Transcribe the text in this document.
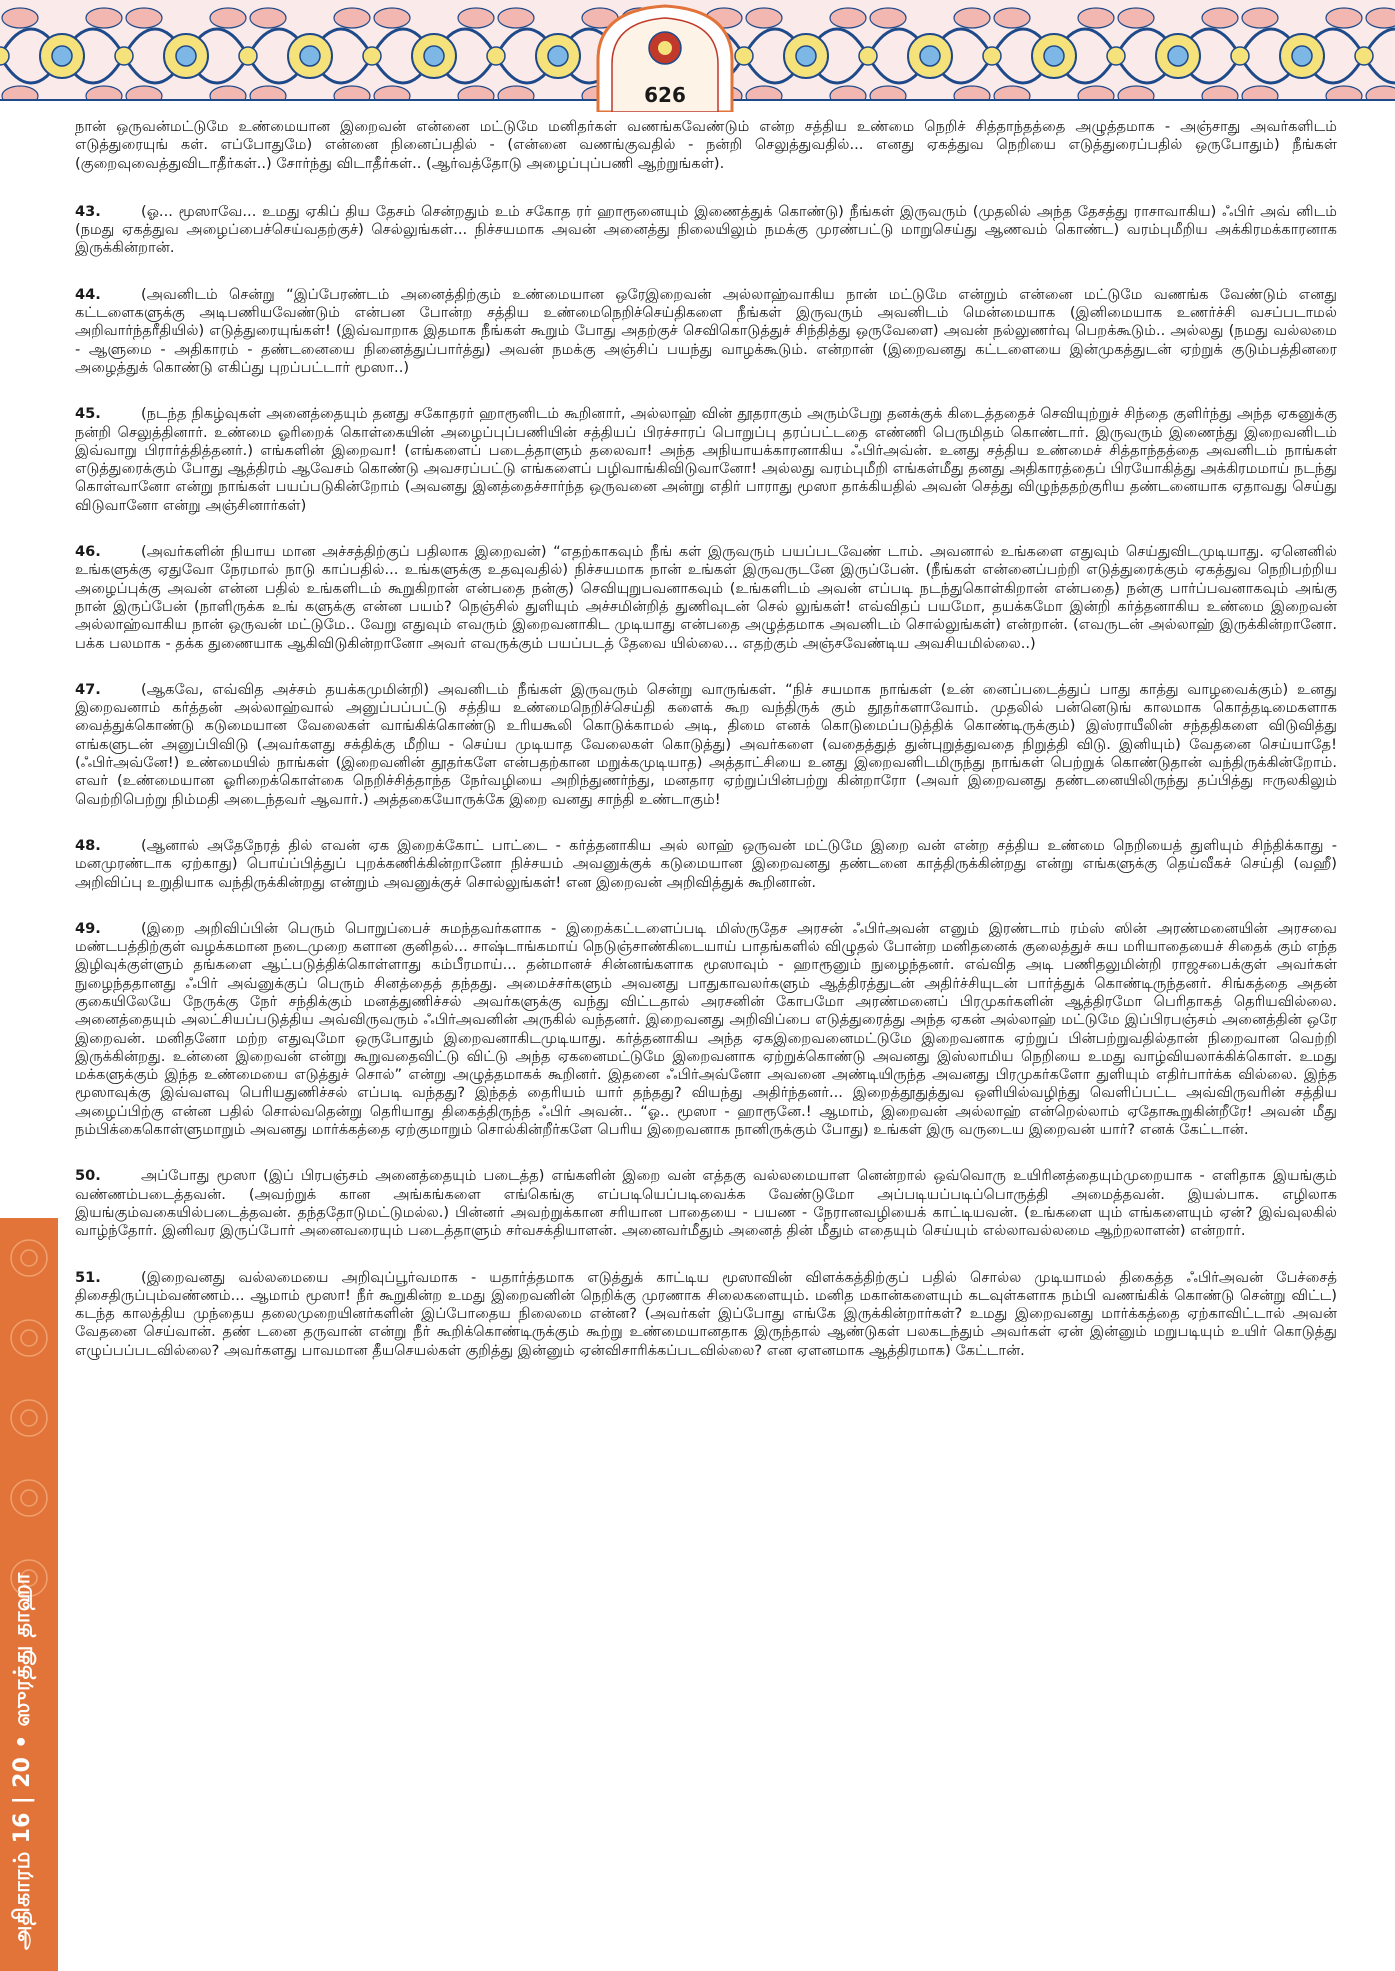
626
அதிகாரம் 16 | 20 • ஸுரத்து தாஹா

நான் ஒருவன்மட்டுமே உண்மையான இறைவன் என்னை மட்டுமே மனிதர்கள் வணங்கவேண்டும் என்ற சத்திய உண்மை நெறிச் சித்தாந்தத்தை அழுத்தமாக - அஞ்சாது அவர்களிடம் எடுத்துரையுங் கள். எப்போதுமே) என்னை நினைப்பதில் - (என்னை வணங்குவதில் - நன்றி செலுத்துவதில்... எனது ஏகத்துவ நெறியை எடுத்துரைப்பதில் ஒருபோதும்) நீங்கள் (குறைவுவைத்துவிடாதீர்கள்..) சோர்ந்து விடாதீர்கள்.. (ஆர்வத்தோடு அழைப்புப்பணி ஆற்றுங்கள்).

43.	(ஓ... மூஸாவே... உமது ஏகிப் திய தேசம் சென்றதும் உம் சகோத ரர் ஹாரூனையும் இணைத்துக் கொண்டு) நீங்கள் இருவரும் (முதலில் அந்த தேசத்து ராசாவாகிய) ஃபிர் அவ் னிடம் (நமது ஏகத்துவ அழைப்பைச்செய்வதற்குச்) செல்லுங்கள்... நிச்சயமாக அவன் அனைத்து நிலையிலும் நமக்கு முரண்பட்டு மாறுசெய்து ஆணவம் கொண்ட) வரம்புமீறிய அக்கிரமக்காரனாக இருக்கின்றான்.

44.	(அவனிடம் சென்று “இப்பேரண்டம் அனைத்திற்கும் உண்மையான ஒரேஇறைவன் அல்லாஹ்வாகிய நான் மட்டுமே என்றும் என்னை மட்டுமே வணங்க வேண்டும் எனது கட்டளைகளுக்கு அடிபணியவேண்டும் என்பன போன்ற சத்திய உண்மைநெறிச்செய்திகளை நீங்கள் இருவரும் அவனிடம் மென்மையாக (இனிமையாக உணர்ச்சி வசப்படாமல் அறிவார்ந்தரீதியில்) எடுத்துரையுங்கள்! (இவ்வாறாக இதமாக நீங்கள் கூறும் போது அதற்குச் செவிகொடுத்துச் சிந்தித்து ஒருவேளை) அவன் நல்லுணர்வு பெறக்கூடும்.. அல்லது (நமது வல்லமை - ஆளுமை - அதிகாரம் - தண்டனையை நினைத்துப்பார்த்து) அவன் நமக்கு அஞ்சிப் பயந்து வாழக்கூடும். என்றான் (இறைவனது கட்டளையை இன்முகத்துடன் ஏற்றுக் குடும்பத்தினரை அழைத்துக் கொண்டு எகிப்து புறப்பட்டார் மூஸா..)

45.	(நடந்த நிகழ்வுகள் அனைத்தையும் தனது சகோதரர் ஹாரூனிடம் கூறினார், அல்லாஹ் வின் தூதராகும் அரும்பேறு தனக்குக் கிடைத்ததைச் செவியுற்றுச் சிந்தை குளிர்ந்து அந்த ஏகனுக்கு நன்றி செலுத்தினார். உண்மை ஓரிறைக் கொள்கையின் அழைப்புப்பணியின் சத்தியப் பிரச்சாரப் பொறுப்பு தரப்பட்டதை எண்ணி பெருமிதம் கொண்டார். இருவரும் இணைந்து இறைவனிடம் இவ்வாறு பிரார்த்தித்தனர்.) எங்களின் இறைவா! (எங்களைப் படைத்தாளும் தலைவா! அந்த அநியாயக்காரனாகிய ஃபிர்அவ்ன். உனது சத்திய உண்மைச் சித்தாந்தத்தை அவனிடம் நாங்கள் எடுத்துரைக்கும் போது ஆத்திரம் ஆவேசம் கொண்டு அவசரப்பட்டு எங்களைப் பழிவாங்கிவிடுவானோ! அல்லது வரம்புமீறி எங்கள்மீது தனது அதிகாரத்தைப் பிரயோகித்து அக்கிரமமாய் நடந்து கொள்வானோ என்று நாங்கள் பயப்படுகின்றோம் (அவனது இனத்தைச்சார்ந்த ஒருவனை அன்று எதிர் பாராது மூஸா தாக்கியதில் அவன் செத்து விழுந்ததற்குரிய தண்டனையாக ஏதாவது செய்து விடுவானோ என்று அஞ்சினார்கள்)

46.	(அவர்களின் நியாய மான அச்சத்திற்குப் பதிலாக இறைவன்) “எதற்காகவும் நீங் கள் இருவரும் பயப்படவேண் டாம். அவனால் உங்களை எதுவும் செய்துவிடமுடியாது. ஏனெனில் உங்களுக்கு ஏதுவோ நேரமால் நாடு காப்பதில்... உங்களுக்கு உதவுவதில்) நிச்சயமாக நான் உங்கள் இருவருடனே இருப்பேன். (நீங்கள் என்னைப்பற்றி எடுத்துரைக்கும் ஏகத்துவ நெறிபற்றிய அழைப்புக்கு அவன் என்ன பதில் உங்களிடம் கூறுகிறான் என்பதை நன்கு) செவியுறுபவனாகவும் (உங்களிடம் அவன் எப்படி நடந்துகொள்கிறான் என்பதை) நன்கு பார்ப்பவனாகவும் அங்கு நான் இருப்பேன் (நாளிருக்க உங் களுக்கு என்ன பயம்? நெஞ்சில் துளியும் அச்சமின்றித் துணிவுடன் செல் லுங்கள்! எவ்விதப் பயமோ, தயக்கமோ இன்றி கர்த்தனாகிய உண்மை இறைவன் அல்லாஹ்வாகிய நான் ஒருவன் மட்டுமே.. வேறு எதுவும் எவரும் இறைவனாகிட முடியாது என்பதை அழுத்தமாக அவனிடம் சொல்லுங்கள்) என்றான். (எவருடன் அல்லாஹ் இருக்கின்றானோ. பக்க பலமாக - தக்க துணையாக ஆகிவிடுகின்றானோ அவர் எவருக்கும் பயப்படத் தேவை யில்லை... எதற்கும் அஞ்சவேண்டிய அவசியமில்லை..)

47.	(ஆகவே, எவ்வித அச்சம் தயக்கமுமின்றி) அவனிடம் நீங்கள் இருவரும் சென்று வாருங்கள். “நிச் சயமாக நாங்கள் (உன் னைப்படைத்துப் பாது காத்து வாழவைக்கும்) உனது இறைவனாம் கர்த்தன் அல்லாஹ்வால் அனுப்பப்பட்டு சத்திய உண்மைநெறிச்செய்தி களைக் கூற வந்திருக் கும் தூதர்களாவோம். முதலில் பன்னெடுங் காலமாக கொத்தடிமைகளாக வைத்துக்கொண்டு கடுமையான வேலைகள் வாங்கிக்கொண்டு உரியகூலி கொடுக்காமல் அடி, திமை எனக் கொடுமைப்படுத்திக் கொண்டிருக்கும்) இஸ்ராயீலின் சந்ததிகளை விடுவித்து எங்களுடன் அனுப்பிவிடு (அவர்களது சக்திக்கு மீறிய - செய்ய முடியாத வேலைகள் கொடுத்து) அவர்களை (வதைத்துத் துன்புறுத்துவதை நிறுத்தி விடு. இனியும்) வேதனை செய்யாதே! (ஃபிர்அவ்னே!) உண்மையில் நாங்கள் (இறைவனின் தூதர்களே என்பதற்கான மறுக்கமுடியாத) அத்தாட்சியை உனது இறைவனிடமிருந்து நாங்கள் பெற்றுக் கொண்டுதான் வந்திருக்கின்றோம். எவர் (உண்மையான ஓரிறைக்கொள்கை நெறிச்சித்தாந்த நேர்வழியை அறிந்துணர்ந்து, மனதார ஏற்றுப்பின்பற்று கின்றாரோ (அவர் இறைவனது தண்டனையிலிருந்து தப்பித்து ஈருலகிலும் வெற்றிபெற்று நிம்மதி அடைந்தவர் ஆவார்.) அத்தகையோருக்கே இறை வனது சாந்தி உண்டாகும்!

48.	(ஆனால் அதேநேரத் தில் எவன் ஏக இறைக்கோட் பாட்டை - கர்த்தனாகிய அல் லாஹ் ஒருவன் மட்டுமே இறை வன் என்ற சத்திய உண்மை நெறியைத் துளியும் சிந்திக்காது - மனமுரண்டாக ஏற்காது) பொய்ப்பித்துப் புறக்கணிக்கின்றானோ நிச்சயம் அவனுக்குக் கடுமையான இறைவனது தண்டனை காத்திருக்கின்றது என்று எங்களுக்கு தெய்வீகச் செய்தி (வஹீ) அறிவிப்பு உறுதியாக வந்திருக்கின்றது என்றும் அவனுக்குச் சொல்லுங்கள்! என இறைவன் அறிவித்துக் கூறினான்.

49.	(இறை அறிவிப்பின் பெரும் பொறுப்பைச் சுமந்தவர்களாக - இறைக்கட்டளைப்படி மிஸ்ருதேச அரசன் ஃபிர்அவன் எனும் இரண்டாம் ரம்ஸ் ஸின் அரண்மனையின் அரசவை மண்டபத்திற்குள் வழக்கமான நடைமுறை களான குனிதல்... சாஷ்டாங்கமாய் நெடுஞ்சாண்கிடையாய் பாதங்களில் விழுதல் போன்ற மனிதனைக் குலைத்துச் சுய மரியாதையைச் சிதைக் கும் எந்த இழிவுக்குள்ளும் தங்களை ஆட்படுத்திக்கொள்ளாது கம்பீரமாய்... தன்மானச் சின்னங்களாக மூஸாவும் - ஹாரூனும் நுழைந்தனர். எவ்வித அடி பணிதலுமின்றி ராஜசபைக்குள் அவர்கள் நுழைந்ததானது ஃபிர் அவ்னுக்குப் பெரும் சினத்தைத் தந்தது. அமைச்சர்களும் அவனது பாதுகாவலர்களும் ஆத்திரத்துடன் அதிர்ச்சியுடன் பார்த்துக் கொண்டிருந்தனர். சிங்கத்தை அதன் குகையிலேயே நேருக்கு நேர் சந்திக்கும் மனத்துணிச்சல் அவர்களுக்கு வந்து விட்டதால் அரசனின் கோபமோ அரண்மனைப் பிரமுகர்களின் ஆத்திரமோ பெரிதாகத் தெரியவில்லை. அனைத்தையும் அலட்சியப்படுத்திய அவ்விருவரும் ஃபிர்அவனின் அருகில் வந்தனர். இறைவனது அறிவிப்பை எடுத்துரைத்து அந்த ஏகன் அல்லாஹ் மட்டுமே இப்பிரபஞ்சம் அனைத்தின் ஒரே இறைவன். மனிதனோ மற்ற எதுவுமோ ஒருபோதும் இறைவனாகிடமுடியாது. கர்த்தனாகிய அந்த ஏகஇறைவனைமட்டுமே இறைவனாக ஏற்றுப் பின்பற்றுவதில்தான் நிறைவான வெற்றி இருக்கின்றது. உன்னை இறைவன் என்று கூறுவதைவிட்டு விட்டு அந்த ஏகனைமட்டுமே இறைவனாக ஏற்றுக்கொண்டு அவனது இஸ்லாமிய நெறியை உமது வாழ்வியலாக்கிக்கொள். உமது மக்களுக்கும் இந்த உண்மையை எடுத்துச் சொல்” என்று அழுத்தமாகக் கூறினர். இதனை ஃபிர்அவ்னோ அவனை அண்டியிருந்த அவனது பிரமுகர்களோ துளியும் எதிர்பார்க்க வில்லை. இந்த மூஸாவுக்கு இவ்வளவு பெரியதுணிச்சல் எப்படி வந்தது? இந்தத் தைரியம் யார் தந்தது? வியந்து அதிர்ந்தனர்... இறைத்தூதுத்துவ ஒளியில்வழிந்து வெளிப்பட்ட அவ்விருவரின் சத்திய அழைப்பிற்கு என்ன பதில் சொல்வதென்று தெரியாது திகைத்திருந்த ஃபிர் அவன்.. “ஓ.. மூஸா - ஹாரூனே.! ஆமாம், இறைவன் அல்லாஹ் என்றெல்லாம் ஏதோகூறுகின்றீரே! அவன் மீது நம்பிக்கைகொள்ளுமாறும் அவனது மார்க்கத்தை ஏற்குமாறும் சொல்கின்றீர்களே பெரிய இறைவனாக நானிருக்கும் போது) உங்கள் இரு வருடைய இறைவன் யார்? எனக் கேட்டான்.

50.	அப்போது மூஸா (இப் பிரபஞ்சம் அனைத்தையும் படைத்த) எங்களின் இறை வன் எத்தகு வல்லமையாள னென்றால் ஒவ்வொரு உயிரினத்தையும்முறையாக - எளிதாக இயங்கும் வண்ணம்படைத்தவன். (அவற்றுக் கான அங்கங்களை எங்கெங்கு எப்படியெப்படிவைக்க வேண்டுமோ அப்படியப்படிப்பொருத்தி அமைத்தவன். இயல்பாக. எழிலாக இயங்கும்வகையில்படைத்தவன். தந்ததோடுமட்டுமல்ல.) பின்னர் அவற்றுக்கான சரியான பாதையை - பயண - நேரானவழியைக் காட்டியவன். (உங்களை யும் எங்களையும் ஏன்? இவ்வுலகில் வாழ்ந்தோர். இனிவர இருப்போர் அனைவரையும் படைத்தாளும் சர்வசக்தியாளன். அனைவர்மீதும் அனைத் தின் மீதும் எதையும் செய்யும் எல்லாவல்லமை ஆற்றலாளன்) என்றார்.

51.	(இறைவனது வல்லமையை அறிவுப்பூர்வமாக - யதார்த்தமாக எடுத்துக் காட்டிய மூஸாவின் விளக்கத்திற்குப் பதில் சொல்ல முடியாமல் திகைத்த ஃபிர்அவன் பேச்சைத் திசைதிருப்பும்வண்ணம்... ஆமாம் மூஸா! நீர் கூறுகின்ற உமது இறைவனின் நெறிக்கு முரணாக சிலைகளையும். மனித மகான்களையும் கடவுள்களாக நம்பி வணங்கிக் கொண்டு சென்று விட்ட) கடந்த காலத்திய முந்தைய தலைமுறையினர்களின் இப்போதைய நிலைமை என்ன? (அவர்கள் இப்போது எங்கே இருக்கின்றார்கள்? உமது இறைவனது மார்க்கத்தை ஏற்காவிட்டால் அவன் வேதனை செய்வான். தண் டனை தருவான் என்று நீர் கூறிக்கொண்டிருக்கும் கூற்று உண்மையானதாக இருந்தால் ஆண்டுகள் பலகடந்தும் அவர்கள் ஏன் இன்னும் மறுபடியும் உயிர் கொடுத்து எழுப்பப்படவில்லை? அவர்களது பாவமான தீயசெயல்கள் குறித்து இன்னும் ஏன்விசாரிக்கப்படவில்லை? என ஏளனமாக ஆத்திரமாக) கேட்டான்.
